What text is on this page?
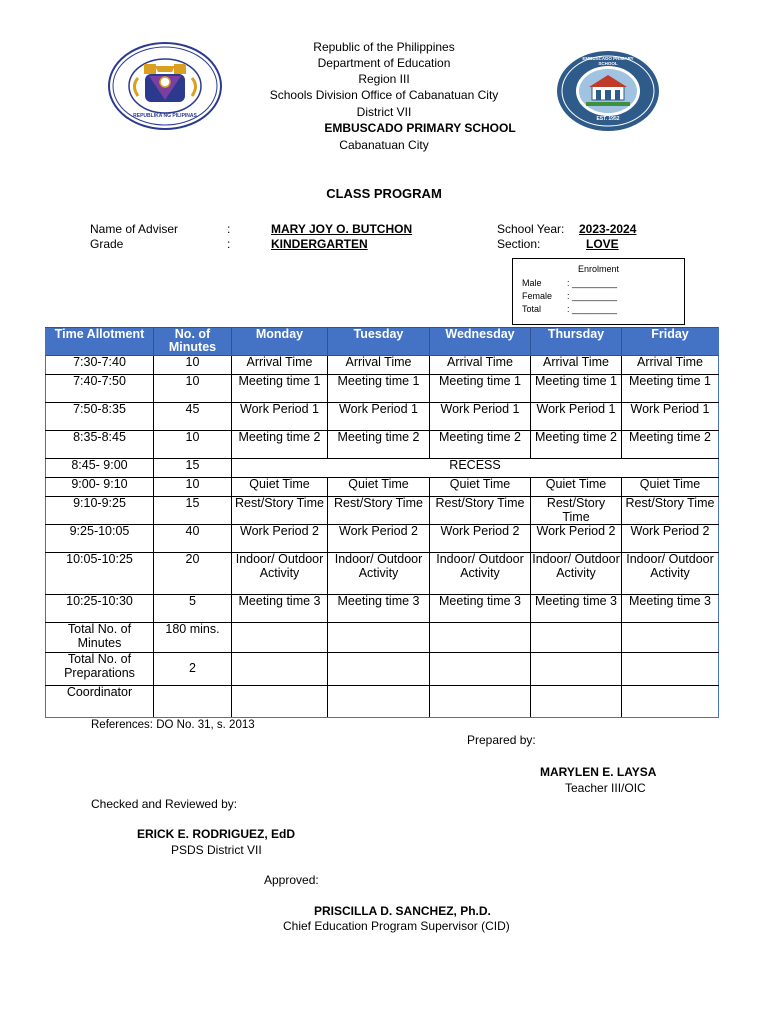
REPUBLIKA NG PILIPINAS	EST. 1952
EMBUSCADO PRIMARY SCHOOL
Republic of the Philippines
Department of Education
Region III
Schools Division Office of Cabanatuan City
District VII
EMBUSCADO PRIMARY SCHOOL
Cabanatuan City
CLASS PROGRAM
Name of Adviser	:	MARY JOY O. BUTCHON
Grade	:	KINDERGARTEN
School Year: 2023-2024
Section:	LOVE
Enrolment
Male	: _________
Female : _________
Total	: _________
Time Allotment	No. of Minutes	Monday	Tuesday	Wednesday	Thursday	Friday
7:30-7:40	10	Arrival Time	Arrival Time	Arrival Time	Arrival Time	Arrival Time
7:40-7:50	10	Meeting time 1	Meeting time 1	Meeting time 1	Meeting time 1	Meeting time 1
7:50-8:35	45	Work Period 1	Work Period 1	Work Period 1	Work Period 1	Work Period 1
8:35-8:45	10	Meeting time 2	Meeting time 2	Meeting time 2	Meeting time 2	Meeting time 2
8:45- 9:00	15	RECESS				
9:00- 9:10	10	Quiet Time	Quiet Time	Quiet Time	Quiet Time	Quiet Time
9:10-9:25	15	Rest/Story Time	Rest/Story Time	Rest/Story Time	Rest/Story Time	Rest/Story Time
9:25-10:05	40	Work Period 2	Work Period 2	Work Period 2	Work Period 2	Work Period 2
10:05-10:25	20	Indoor/ Outdoor Activity	Indoor/ Outdoor Activity	Indoor/ Outdoor Activity	Indoor/ Outdoor Activity	Indoor/ Outdoor Activity
10:25-10:30	5	Meeting time 3	Meeting time 3	Meeting time 3	Meeting time 3	Meeting time 3
Total No. of Minutes	180 mins.					
Total No. of Preparations	2					
Coordinator						
References: DO No. 31, s. 2013
Prepared by:
MARYLEN E. LAYSA
Teacher III/OIC
Checked and Reviewed by:
ERICK E. RODRIGUEZ, EdD
PSDS District VII
Approved:
PRISCILLA D. SANCHEZ, Ph.D.
Chief Education Program Supervisor (CID)
